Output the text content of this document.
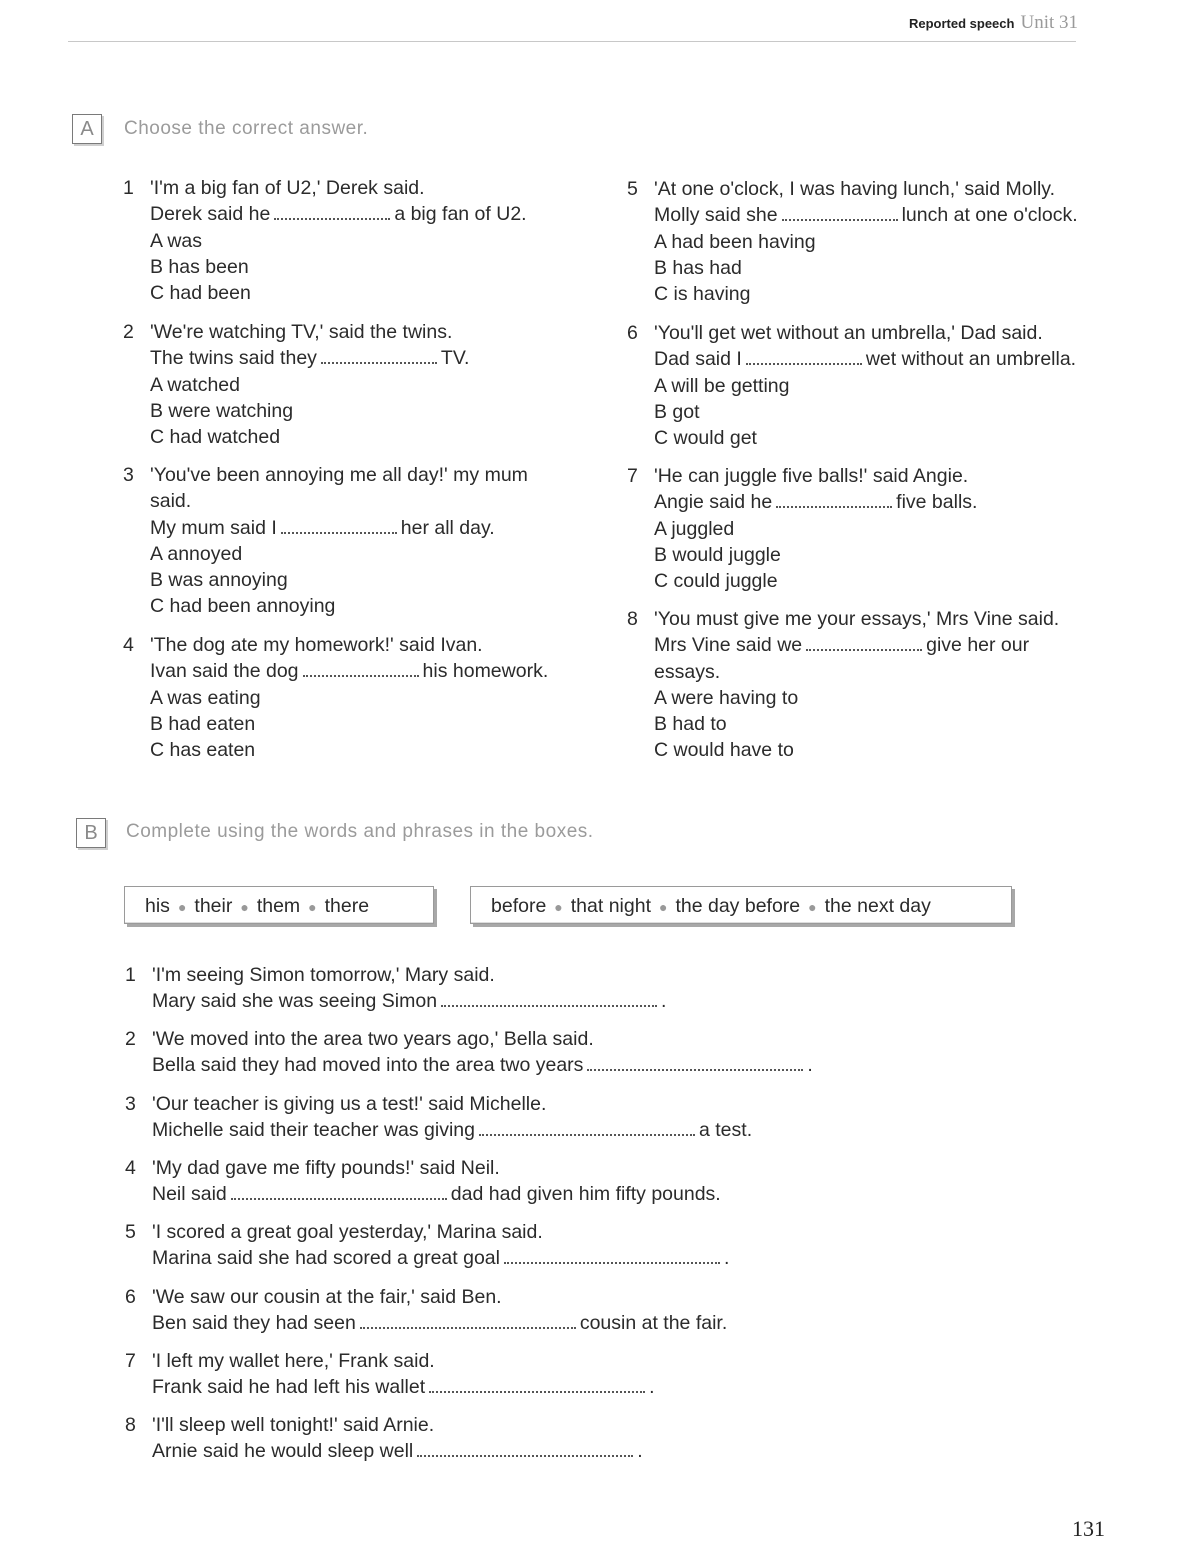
Reported speech Unit 31
A	Choose the correct answer.
1 'I'm a big fan of U2,' Derek said.
Derek said he	a big fan of U2.
A was
B has been
C had been
2 'We're watching TV,' said the twins.
The twins said they	TV.
A watched
B were watching
C had watched
3 'You've been annoying me all day!' my mum
said.
My mum said I	her all day.
A annoyed
B was annoying
C had been annoying
4 'The dog ate my homework!' said Ivan.
Ivan said the dog	his homework.
A was eating
B had eaten
C has eaten
5 'At one o'clock, I was having lunch,' said Molly.
Molly said she	lunch at one o'clock.
A had been having
B has had
C is having
6 'You'll get wet without an umbrella,' Dad said.
Dad said I	wet without an umbrella.
A will be getting
B got
C would get
7 'He can juggle five balls!' said Angie.
Angie said he	five balls.
A juggled
B would juggle
C could juggle
8 'You must give me your essays,' Mrs Vine said.
Mrs Vine said we	give her our
essays.
A were having to
B had to
C would have to
B	Complete using the words and phrases in the boxes.
his ● their ● them ● there	before ● that night ● the day before ● the next day
1 'I'm seeing Simon tomorrow,' Mary said.
Mary said she was seeing Simon	.
2 'We moved into the area two years ago,' Bella said.
Bella said they had moved into the area two years	.
3 'Our teacher is giving us a test!' said Michelle.
Michelle said their teacher was giving	a test.
4 'My dad gave me fifty pounds!' said Neil.
Neil said	dad had given him fifty pounds.
5 'I scored a great goal yesterday,' Marina said.
Marina said she had scored a great goal	.
6 'We saw our cousin at the fair,' said Ben.
Ben said they had seen	cousin at the fair.
7 'I left my wallet here,' Frank said.
Frank said he had left his wallet	.
8 'I'll sleep well tonight!' said Arnie.
Arnie said he would sleep well	.
131
